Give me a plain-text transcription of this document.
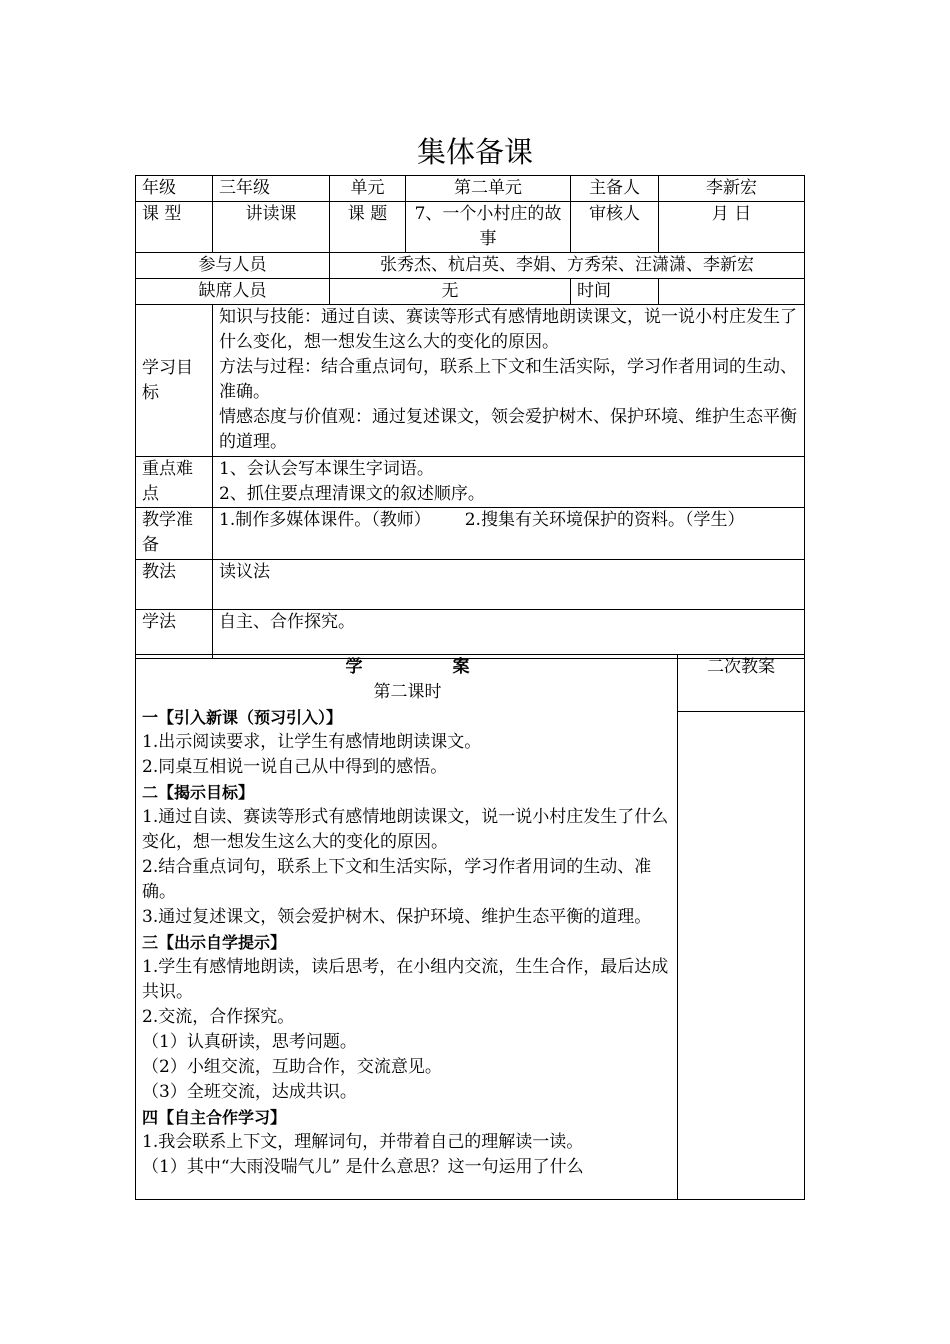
集体备课
年级	三年级	单元	第二单元	主备人	李新宏
课 型	讲读课	课 题	7、一个小村庄的故事	审核人	月 日
参与人员		张秀杰、杭启英、李娟、方秀荣、汪潇潇、李新宏			
缺席人员		无		时间	
学习目标	知识与技能：通过自读、赛读等形式有感情地朗读课文，说一说小村庄发生了什么变化，想一想发生这么大的变化的原因。
方法与过程：结合重点词句，联系上下文和生活实际，学习作者用词的生动、准确。
情感态度与价值观：通过复述课文，领会爱护树木、保护环境、维护生态平衡的道理。				

重点难点	1、会认会写本课生字词语。
2、抓住要点理清课文的叙述顺序。				

教学准备	1.制作多媒体课件。（教师） 2.搜集有关环境保护的资料。（学生）				
教法	读议法				
学法	自主、合作探究。				
学	案
第二课时
一【引入新课（预习引入）】
1.出示阅读要求，让学生有感情地朗读课文。
2.同桌互相说一说自己从中得到的感悟。
二【揭示目标】
1.通过自读、赛读等形式有感情地朗读课文，说一说小村庄发生了什么变化，想一想发生这么大的变化的原因。
2.结合重点词句，联系上下文和生活实际，学习作者用词的生动、准确。
3.通过复述课文，领会爱护树木、保护环境、维护生态平衡的道理。
三【出示自学提示】
1.学生有感情地朗读，读后思考，在小组内交流，生生合作，最后达成共识。
2.交流，合作探究。
（1）认真研读，思考问题。
（2）小组交流，互助合作，交流意见。
（3）全班交流，达成共识。
四【自主合作学习】
1.我会联系上下文，理解词句，并带着自己的理解读一读。
（1）其中“大雨没喘气儿” 是什么意思？这一句运用了什么
	二次教案
